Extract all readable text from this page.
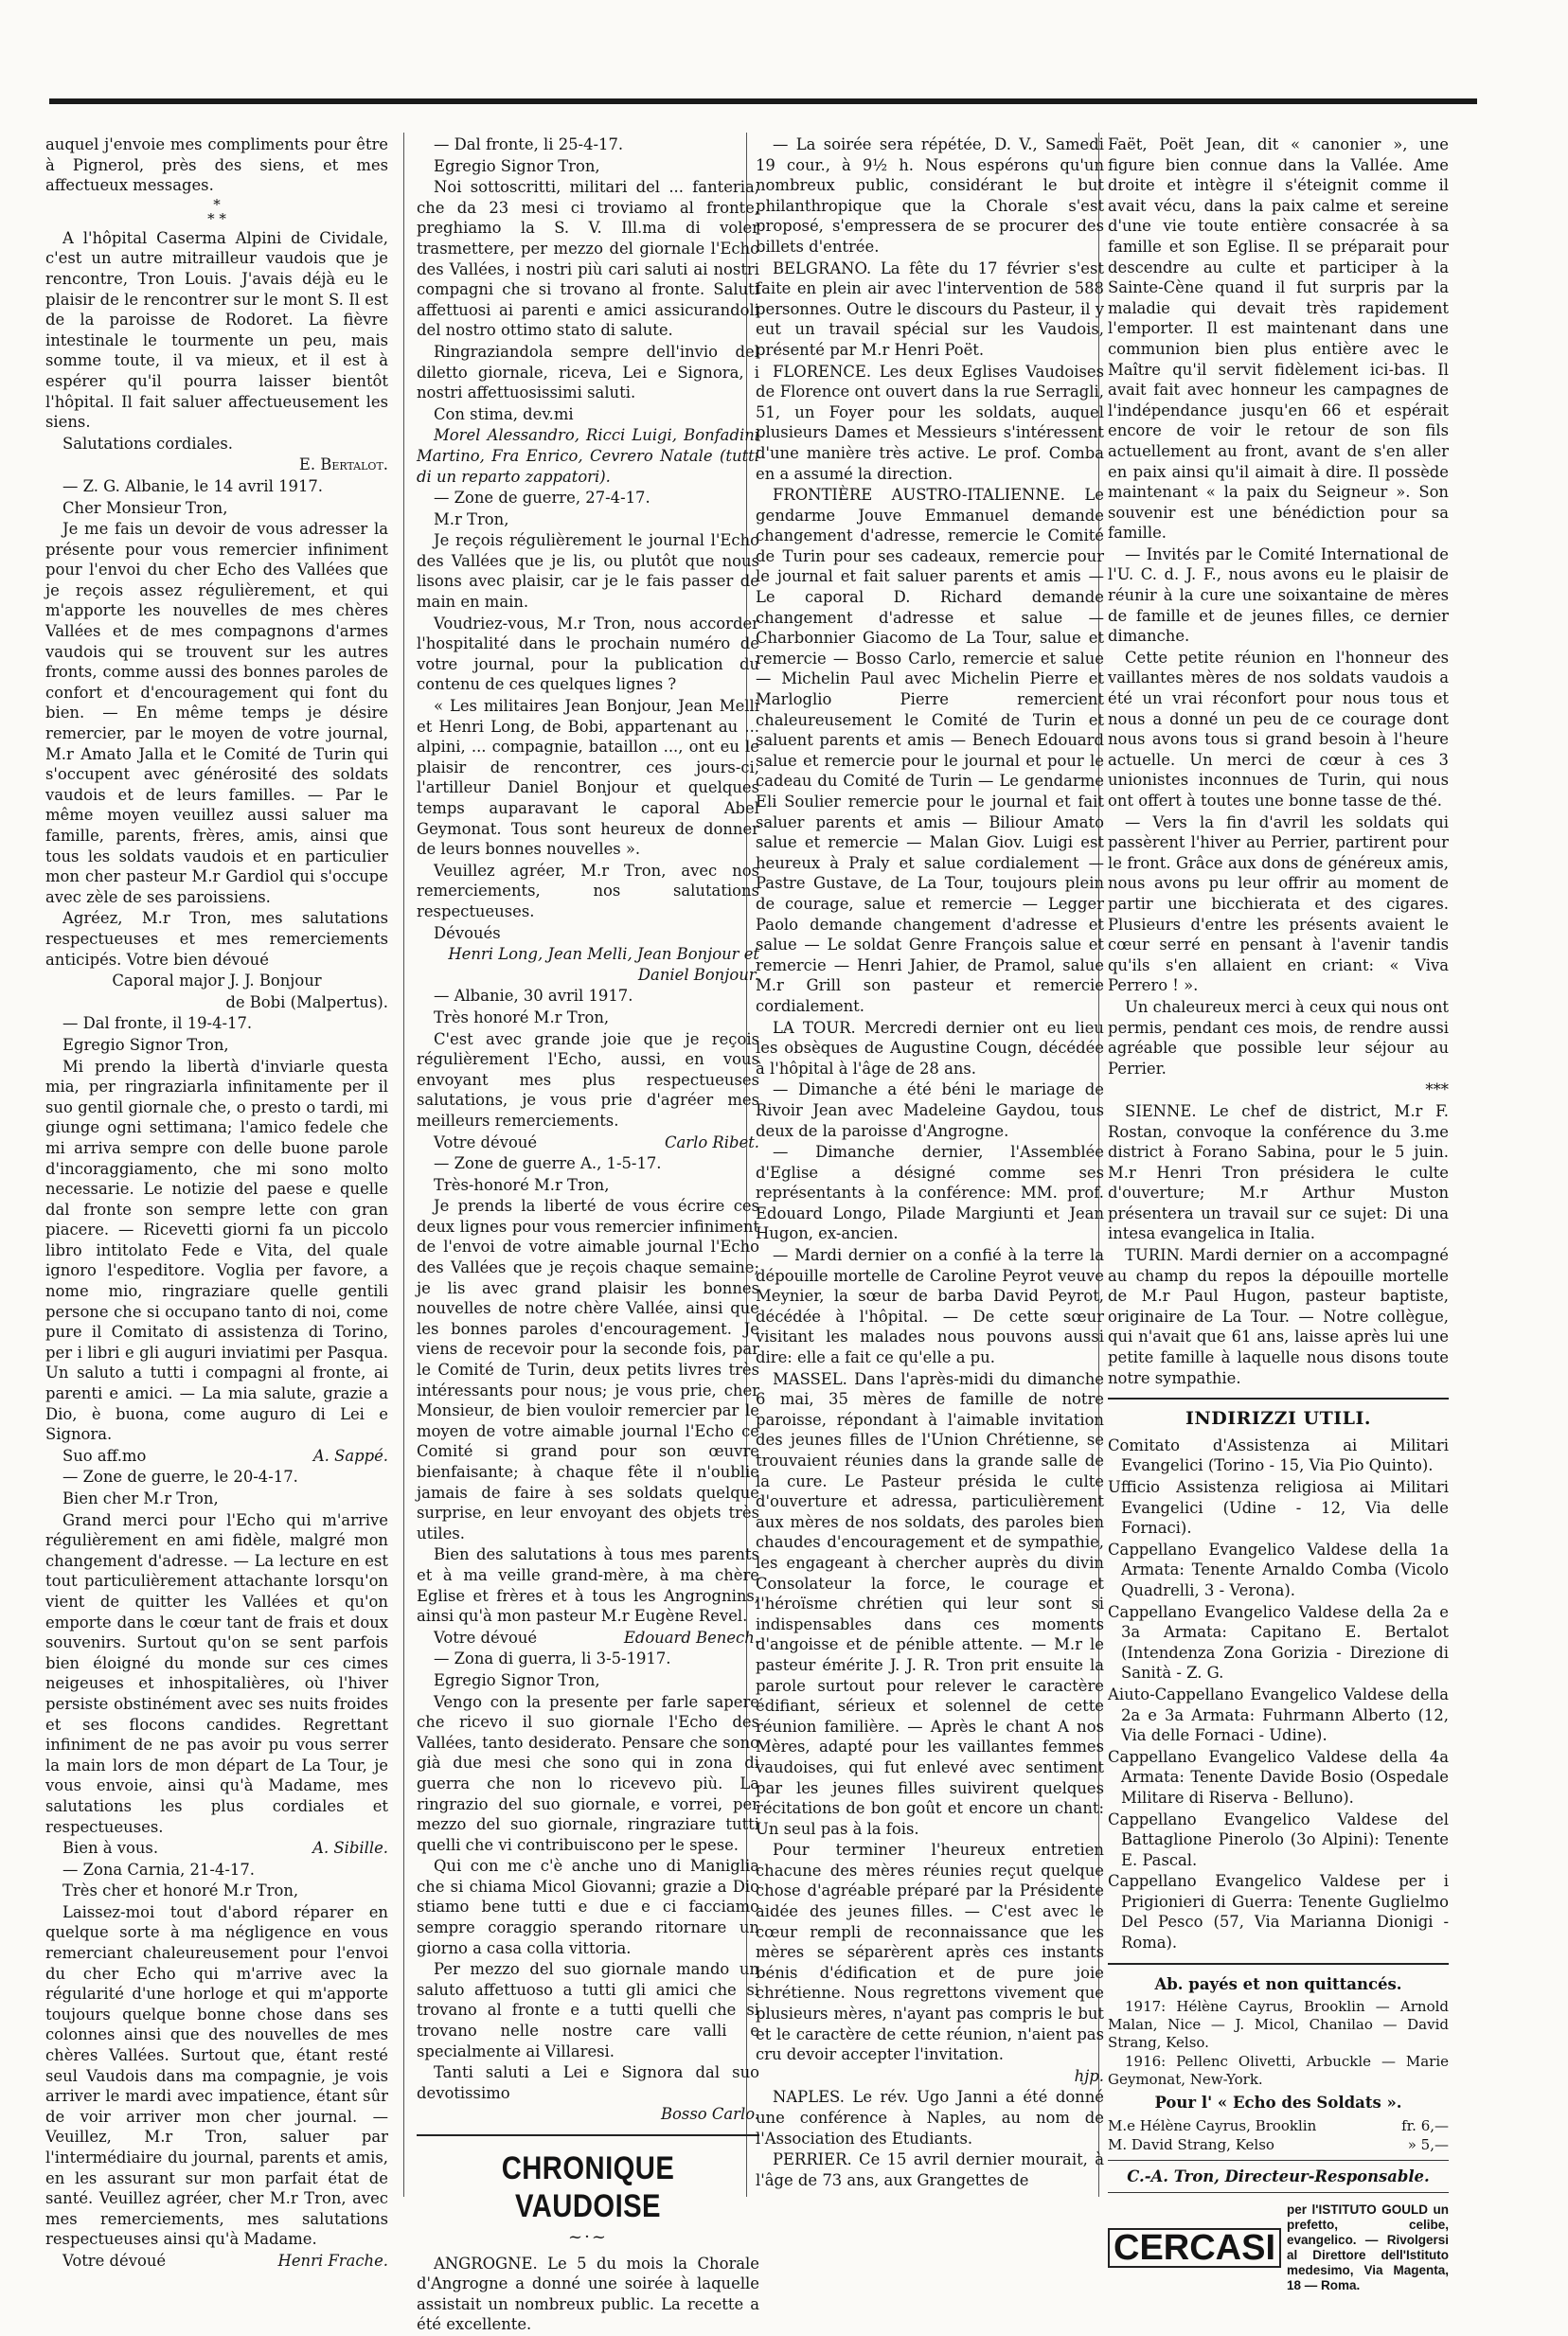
auquel j'envoie mes compliments pour être à Pignerol, près des siens, et mes affectueux messages.

*
* *

A l'hôpital Caserma Alpini de Cividale, c'est un autre mitrailleur vaudois que je rencontre, Tron Louis. J'avais déjà eu le plaisir de le rencontrer sur le mont S. Il est de la paroisse de Rodoret. La fièvre intestinale le tourmente un peu, mais somme toute, il va mieux, et il est à espérer qu'il pourra laisser bientôt l'hôpital. Il fait saluer affectueusement les siens.

Salutations cordiales.

E. Bertalot.

— Z. G. Albanie, le 14 avril 1917.

Cher Monsieur Tron,

Je me fais un devoir de vous adresser la présente pour vous remercier infiniment pour l'envoi du cher Echo des Vallées que je reçois assez régulièrement, et qui m'apporte les nouvelles de mes chères Vallées et de mes compagnons d'armes vaudois qui se trouvent sur les autres fronts, comme aussi des bonnes paroles de confort et d'encouragement qui font du bien. — En même temps je désire remercier, par le moyen de votre journal, M.r Amato Jalla et le Comité de Turin qui s'occupent avec générosité des soldats vaudois et de leurs familles. — Par le même moyen veuillez aussi saluer ma famille, parents, frères, amis, ainsi que tous les soldats vaudois et en particulier mon cher pasteur M.r Gardiol qui s'occupe avec zèle de ses paroissiens.

Agréez, M.r Tron, mes salutations respectueuses et mes remerciements anticipés. Votre bien dévoué

Caporal major J. J. Bonjour

de Bobi (Malpertus).

— Dal fronte, il 19-4-17.

Egregio Signor Tron,

Mi prendo la libertà d'inviarle questa mia, per ringraziarla infinitamente per il suo gentil giornale che, o presto o tardi, mi giunge ogni settimana; l'amico fedele che mi arriva sempre con delle buone parole d'incoraggiamento, che mi sono molto necessarie. Le notizie del paese e quelle dal fronte son sempre lette con gran piacere. — Ricevetti giorni fa un piccolo libro intitolato Fede e Vita, del quale ignoro l'espeditore. Voglia per favore, a nome mio, ringraziare quelle gentili persone che si occupano tanto di noi, come pure il Comitato di assistenza di Torino, per i libri e gli auguri inviatimi per Pasqua. Un saluto a tutti i compagni al fronte, ai parenti e amici. — La mia salute, grazie a Dio, è buona, come auguro di Lei e Signora.

Suo aff.mo	A. Sappé.

— Zone de guerre, le 20-4-17.

Bien cher M.r Tron,

Grand merci pour l'Echo qui m'arrive régulièrement en ami fidèle, malgré mon changement d'adresse. — La lecture en est tout particulièrement attachante lorsqu'on vient de quitter les Vallées et qu'on emporte dans le cœur tant de frais et doux souvenirs. Surtout qu'on se sent parfois bien éloigné du monde sur ces cimes neigeuses et inhospitalières, où l'hiver persiste obstinément avec ses nuits froides et ses flocons candides. Regrettant infiniment de ne pas avoir pu vous serrer la main lors de mon départ de La Tour, je vous envoie, ainsi qu'à Madame, mes salutations les plus cordiales et respectueuses.

Bien à vous.	A. Sibille.

— Zona Carnia, 21-4-17.

Très cher et honoré M.r Tron,

Laissez-moi tout d'abord réparer en quelque sorte à ma négligence en vous remerciant chaleureusement pour l'envoi du cher Echo qui m'arrive avec la régularité d'une horloge et qui m'apporte toujours quelque bonne chose dans ses colonnes ainsi que des nouvelles de mes chères Vallées. Surtout que, étant resté seul Vaudois dans ma compagnie, je vois arriver le mardi avec impatience, étant sûr de voir arriver mon cher journal. — Veuillez, M.r Tron, saluer par l'intermédiaire du journal, parents et amis, en les assurant sur mon parfait état de santé. Veuillez agréer, cher M.r Tron, avec mes remerciements, mes salutations respectueuses ainsi qu'à Madame.

Votre dévoué	Henri Frache.

— Dal fronte, li 25-4-17.

Egregio Signor Tron,

Noi sottoscritti, militari del ... fanteria, che da 23 mesi ci troviamo al fronte, preghiamo la S. V. Ill.ma di voler trasmettere, per mezzo del giornale l'Echo des Vallées, i nostri più cari saluti ai nostri compagni che si trovano al fronte. Saluti affettuosi ai parenti e amici assicurandoli del nostro ottimo stato di salute.

Ringraziandola sempre dell'invio del diletto giornale, riceva, Lei e Signora, i nostri affettuosissimi saluti.

Con stima, dev.mi

Morel Alessandro, Ricci Luigi, Bonfadini Martino, Fra Enrico, Cevrero Natale (tutti di un reparto zappatori).

— Zone de guerre, 27-4-17.

M.r Tron,

Je reçois régulièrement le journal l'Echo des Vallées que je lis, ou plutôt que nous lisons avec plaisir, car je le fais passer de main en main.

Voudriez-vous, M.r Tron, nous accorder l'hospitalité dans le prochain numéro de votre journal, pour la publication du contenu de ces quelques lignes ?

« Les militaires Jean Bonjour, Jean Melli et Henri Long, de Bobi, appartenant au ... alpini, ... compagnie, bataillon ..., ont eu le plaisir de rencontrer, ces jours-ci, l'artilleur Daniel Bonjour et quelques temps auparavant le caporal Abel Geymonat. Tous sont heureux de donner de leurs bonnes nouvelles ».

Veuillez agréer, M.r Tron, avec nos remerciements, nos salutations respectueuses.

Dévoués

Henri Long, Jean Melli, Jean Bonjour et Daniel Bonjour.

— Albanie, 30 avril 1917.

Très honoré M.r Tron,

C'est avec grande joie que je reçois régulièrement l'Echo, aussi, en vous envoyant mes plus respectueuses salutations, je vous prie d'agréer mes meilleurs remerciements.

Votre dévoué	Carlo Ribet.

— Zone de guerre A., 1-5-17.

Très-honoré M.r Tron,

Je prends la liberté de vous écrire ces deux lignes pour vous remercier infiniment de l'envoi de votre aimable journal l'Echo des Vallées que je reçois chaque semaine; je lis avec grand plaisir les bonnes nouvelles de notre chère Vallée, ainsi que les bonnes paroles d'encouragement. Je viens de recevoir pour la seconde fois, par le Comité de Turin, deux petits livres très intéressants pour nous; je vous prie, cher Monsieur, de bien vouloir remercier par le moyen de votre aimable journal l'Echo ce Comité si grand pour son œuvre bienfaisante; à chaque fête il n'oublie jamais de faire à ses soldats quelque surprise, en leur envoyant des objets très utiles.

Bien des salutations à tous mes parents et à ma veille grand-mère, à ma chère Eglise et frères et à tous les Angrognins, ainsi qu'à mon pasteur M.r Eugène Revel.

Votre dévoué	Edouard Benech.

— Zona di guerra, li 3-5-1917.

Egregio Signor Tron,

Vengo con la presente per farle sapere che ricevo il suo giornale l'Echo des Vallées, tanto desiderato. Pensare che sono già due mesi che sono qui in zona di guerra che non lo ricevevo più. La ringrazio del suo giornale, e vorrei, per mezzo del suo giornale, ringraziare tutti quelli che vi contribuiscono per le spese.

Qui con me c'è anche uno di Maniglia che si chiama Micol Giovanni; grazie a Dio stiamo bene tutti e due e ci facciamo sempre coraggio sperando ritornare un giorno a casa colla vittoria.

Per mezzo del suo giornale mando un saluto affettuoso a tutti gli amici che si trovano al fronte e a tutti quelli che si trovano nelle nostre care valli e specialmente ai Villaresi.

Tanti saluti a Lei e Signora dal suo devotissimo

Bosso Carlo.

CHRONIQUE VAUDOISE
~·~

ANGROGNE. Le 5 du mois la Chorale d'Angrogne a donné une soirée à laquelle assistait un nombreux public. La recette a été excellente.

— La soirée sera répétée, D. V., Samedi 19 cour., à 9½ h. Nous espérons qu'un nombreux public, considérant le but philanthropique que la Chorale s'est proposé, s'empressera de se procurer des billets d'entrée.

BELGRANO. La fête du 17 février s'est faite en plein air avec l'intervention de 588 personnes. Outre le discours du Pasteur, il y eut un travail spécial sur les Vaudois, présenté par M.r Henri Poët.

FLORENCE. Les deux Eglises Vaudoises de Florence ont ouvert dans la rue Serragli, 51, un Foyer pour les soldats, auquel plusieurs Dames et Messieurs s'intéressent d'une manière très active. Le prof. Comba en a assumé la direction.

FRONTIÈRE AUSTRO-ITALIENNE. Le gendarme Jouve Emmanuel demande changement d'adresse, remercie le Comité de Turin pour ses cadeaux, remercie pour le journal et fait saluer parents et amis — Le caporal D. Richard demande changement d'adresse et salue — Charbonnier Giacomo de La Tour, salue et remercie — Bosso Carlo, remercie et salue — Michelin Paul avec Michelin Pierre et Marloglio Pierre remercient chaleureusement le Comité de Turin et saluent parents et amis — Benech Edouard salue et remercie pour le journal et pour le cadeau du Comité de Turin — Le gendarme Eli Soulier remercie pour le journal et fait saluer parents et amis — Biliour Amato salue et remercie — Malan Giov. Luigi est heureux à Praly et salue cordialement — Pastre Gustave, de La Tour, toujours plein de courage, salue et remercie — Legger Paolo demande changement d'adresse et salue — Le soldat Genre François salue et remercie — Henri Jahier, de Pramol, salue M.r Grill son pasteur et remercie cordialement.

LA TOUR. Mercredi dernier ont eu lieu les obsèques de Augustine Cougn, décédée à l'hôpital à l'âge de 28 ans.

— Dimanche a été béni le mariage de Rivoir Jean avec Madeleine Gaydou, tous deux de la paroisse d'Angrogne.

— Dimanche dernier, l'Assemblée d'Eglise a désigné comme ses représentants à la conférence: MM. prof. Edouard Longo, Pilade Margiunti et Jean Hugon, ex-ancien.

— Mardi dernier on a confié à la terre la dépouille mortelle de Caroline Peyrot veuve Meynier, la sœur de barba David Peyrot, décédée à l'hôpital. — De cette sœur visitant les malades nous pouvons aussi dire: elle a fait ce qu'elle a pu.

MASSEL. Dans l'après-midi du dimanche 6 mai, 35 mères de famille de notre paroisse, répondant à l'aimable invitation des jeunes filles de l'Union Chrétienne, se trouvaient réunies dans la grande salle de la cure. Le Pasteur présida le culte d'ouverture et adressa, particulièrement aux mères de nos soldats, des paroles bien chaudes d'encouragement et de sympathie, les engageant à chercher auprès du divin Consolateur la force, le courage et l'héroïsme chrétien qui leur sont si indispensables dans ces moments d'angoisse et de pénible attente. — M.r le pasteur émérite J. J. R. Tron prit ensuite la parole surtout pour relever le caractère édifiant, sérieux et solennel de cette réunion familière. — Après le chant A nos Mères, adapté pour les vaillantes femmes vaudoises, qui fut enlevé avec sentiment par les jeunes filles suivirent quelques récitations de bon goût et encore un chant: Un seul pas à la fois.

Pour terminer l'heureux entretien chacune des mères réunies reçut quelque chose d'agréable préparé par la Présidente aidée des jeunes filles. — C'est avec le cœur rempli de reconnaissance que les mères se séparèrent après ces instants bénis d'édification et de pure joie chrétienne. Nous regrettons vivement que plusieurs mères, n'ayant pas compris le but et le caractère de cette réunion, n'aient pas cru devoir accepter l'invitation.

hjp.

NAPLES. Le rév. Ugo Janni a été donné une conférence à Naples, au nom de l'Association des Etudiants.

PERRIER. Ce 15 avril dernier mourait, à l'âge de 73 ans, aux Grangettes de

Faët, Poët Jean, dit « canonier », une figure bien connue dans la Vallée. Ame droite et intègre il s'éteignit comme il avait vécu, dans la paix calme et sereine d'une vie toute entière consacrée à sa famille et son Eglise. Il se préparait pour descendre au culte et participer à la Sainte-Cène quand il fut surpris par la maladie qui devait très rapidement l'emporter. Il est maintenant dans une communion bien plus entière avec le Maître qu'il servit fidèlement ici-bas. Il avait fait avec honneur les campagnes de l'indépendance jusqu'en 66 et espérait encore de voir le retour de son fils actuellement au front, avant de s'en aller en paix ainsi qu'il aimait à dire. Il possède maintenant « la paix du Seigneur ». Son souvenir est une bénédiction pour sa famille.

— Invités par le Comité International de l'U. C. d. J. F., nous avons eu le plaisir de réunir à la cure une soixantaine de mères de famille et de jeunes filles, ce dernier dimanche.

Cette petite réunion en l'honneur des vaillantes mères de nos soldats vaudois a été un vrai réconfort pour nous tous et nous a donné un peu de ce courage dont nous avons tous si grand besoin à l'heure actuelle. Un merci de cœur à ces 3 unionistes inconnues de Turin, qui nous ont offert à toutes une bonne tasse de thé.

— Vers la fin d'avril les soldats qui passèrent l'hiver au Perrier, partirent pour le front. Grâce aux dons de généreux amis, nous avons pu leur offrir au moment de partir une bicchierata et des cigares. Plusieurs d'entre les présents avaient le cœur serré en pensant à l'avenir tandis qu'ils s'en allaient en criant: « Viva Perrero ! ».

Un chaleureux merci à ceux qui nous ont permis, pendant ces mois, de rendre aussi agréable que possible leur séjour au Perrier.

***

SIENNE. Le chef de district, M.r F. Rostan, convoque la conférence du 3.me district à Forano Sabina, pour le 5 juin. M.r Henri Tron présidera le culte d'ouverture; M.r Arthur Muston présentera un travail sur ce sujet: Di una intesa evangelica in Italia.

TURIN. Mardi dernier on a accompagné au champ du repos la dépouille mortelle de M.r Paul Hugon, pasteur baptiste, originaire de La Tour. — Notre collègue, qui n'avait que 61 ans, laisse après lui une petite famille à laquelle nous disons toute notre sympathie.

INDIRIZZI UTILI.

Comitato d'Assistenza ai Militari Evangelici (Torino - 15, Via Pio Quinto).

Ufficio Assistenza religiosa ai Militari Evangelici (Udine - 12, Via delle Fornaci).

Cappellano Evangelico Valdese della 1a Armata: Tenente Arnaldo Comba (Vicolo Quadrelli, 3 - Verona).

Cappellano Evangelico Valdese della 2a e 3a Armata: Capitano E. Bertalot (Intendenza Zona Gorizia - Direzione di Sanità - Z. G.

Aiuto-Cappellano Evangelico Valdese della 2a e 3a Armata: Fuhrmann Alberto (12, Via delle Fornaci - Udine).

Cappellano Evangelico Valdese della 4a Armata: Tenente Davide Bosio (Ospedale Militare di Riserva - Belluno).

Cappellano Evangelico Valdese del Battaglione Pinerolo (3o Alpini): Tenente E. Pascal.

Cappellano Evangelico Valdese per i Prigionieri di Guerra: Tenente Guglielmo Del Pesco (57, Via Marianna Dionigi - Roma).

Ab. payés et non quittancés.

1917: Hélène Cayrus, Brooklin — Arnold Malan, Nice — J. Micol, Chanilao — David Strang, Kelso.

1916: Pellenc Olivetti, Arbuckle — Marie Geymonat, New-York.

Pour l' « Echo des Soldats ».

M.e Hélène Cayrus, Brooklin	fr. 6,—

M. David Strang, Kelso	» 5,—

C.-A. Tron, Directeur-Responsable.

CERCASI
per l'ISTITUTO GOULD un prefetto, celibe, evangelico. — Rivolgersi al Direttore dell'Istituto medesimo, Via Magenta, 18 — Roma.
